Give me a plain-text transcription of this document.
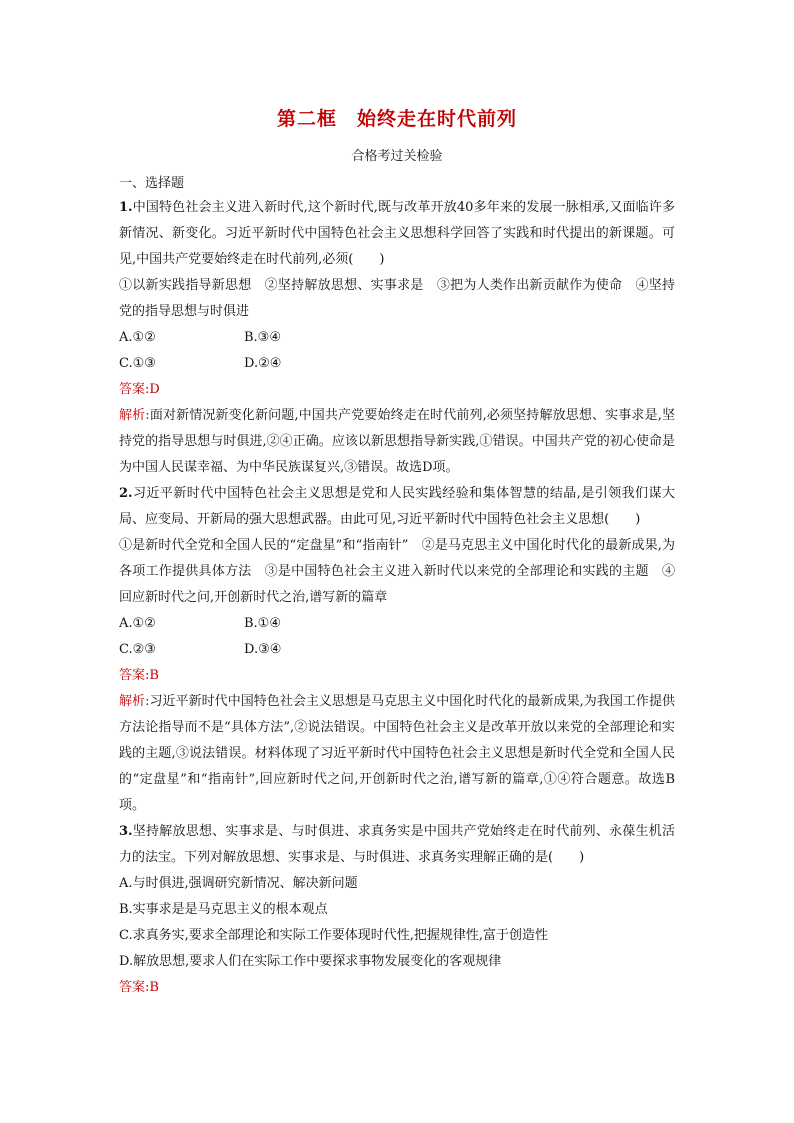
第二框　始终走在时代前列
合格考过关检验
一、选择题

1.中国特色社会主义进入新时代,这个新时代,既与改革开放40多年来的发展一脉相承,又面临许多新情况、新变化。习近平新时代中国特色社会主义思想科学回答了实践和时代提出的新课题。可见,中国共产党要始终走在时代前列,必须(　　)

①以新实践指导新思想　②坚持解放思想、实事求是　③把为人类作出新贡献作为使命　④坚持党的指导思想与时俱进

A.①②	B.③④
C.①③	D.②④

答案:D

解析:面对新情况新变化新问题,中国共产党要始终走在时代前列,必须坚持解放思想、实事求是,坚持党的指导思想与时俱进,②④正确。应该以新思想指导新实践,①错误。中国共产党的初心使命是为中国人民谋幸福、为中华民族谋复兴,③错误。故选D项。

2.习近平新时代中国特色社会主义思想是党和人民实践经验和集体智慧的结晶,是引领我们谋大局、应变局、开新局的强大思想武器。由此可见,习近平新时代中国特色社会主义思想(　　)

①是新时代全党和全国人民的“定盘星”和“指南针”　②是马克思主义中国化时代化的最新成果,为各项工作提供具体方法　③是中国特色社会主义进入新时代以来党的全部理论和实践的主题　④回应新时代之问,开创新时代之治,谱写新的篇章

A.①②	B.①④
C.②③	D.③④

答案:B

解析:习近平新时代中国特色社会主义思想是马克思主义中国化时代化的最新成果,为我国工作提供方法论指导而不是“具体方法”,②说法错误。中国特色社会主义是改革开放以来党的全部理论和实践的主题,③说法错误。材料体现了习近平新时代中国特色社会主义思想是新时代全党和全国人民的“定盘星”和“指南针”,回应新时代之问,开创新时代之治,谱写新的篇章,①④符合题意。故选B项。

3.坚持解放思想、实事求是、与时俱进、求真务实是中国共产党始终走在时代前列、永葆生机活力的法宝。下列对解放思想、实事求是、与时俱进、求真务实理解正确的是(　　)

A.与时俱进,强调研究新情况、解决新问题

B.实事求是是马克思主义的根本观点

C.求真务实,要求全部理论和实际工作要体现时代性,把握规律性,富于创造性

D.解放思想,要求人们在实际工作中要探求事物发展变化的客观规律

答案:B
